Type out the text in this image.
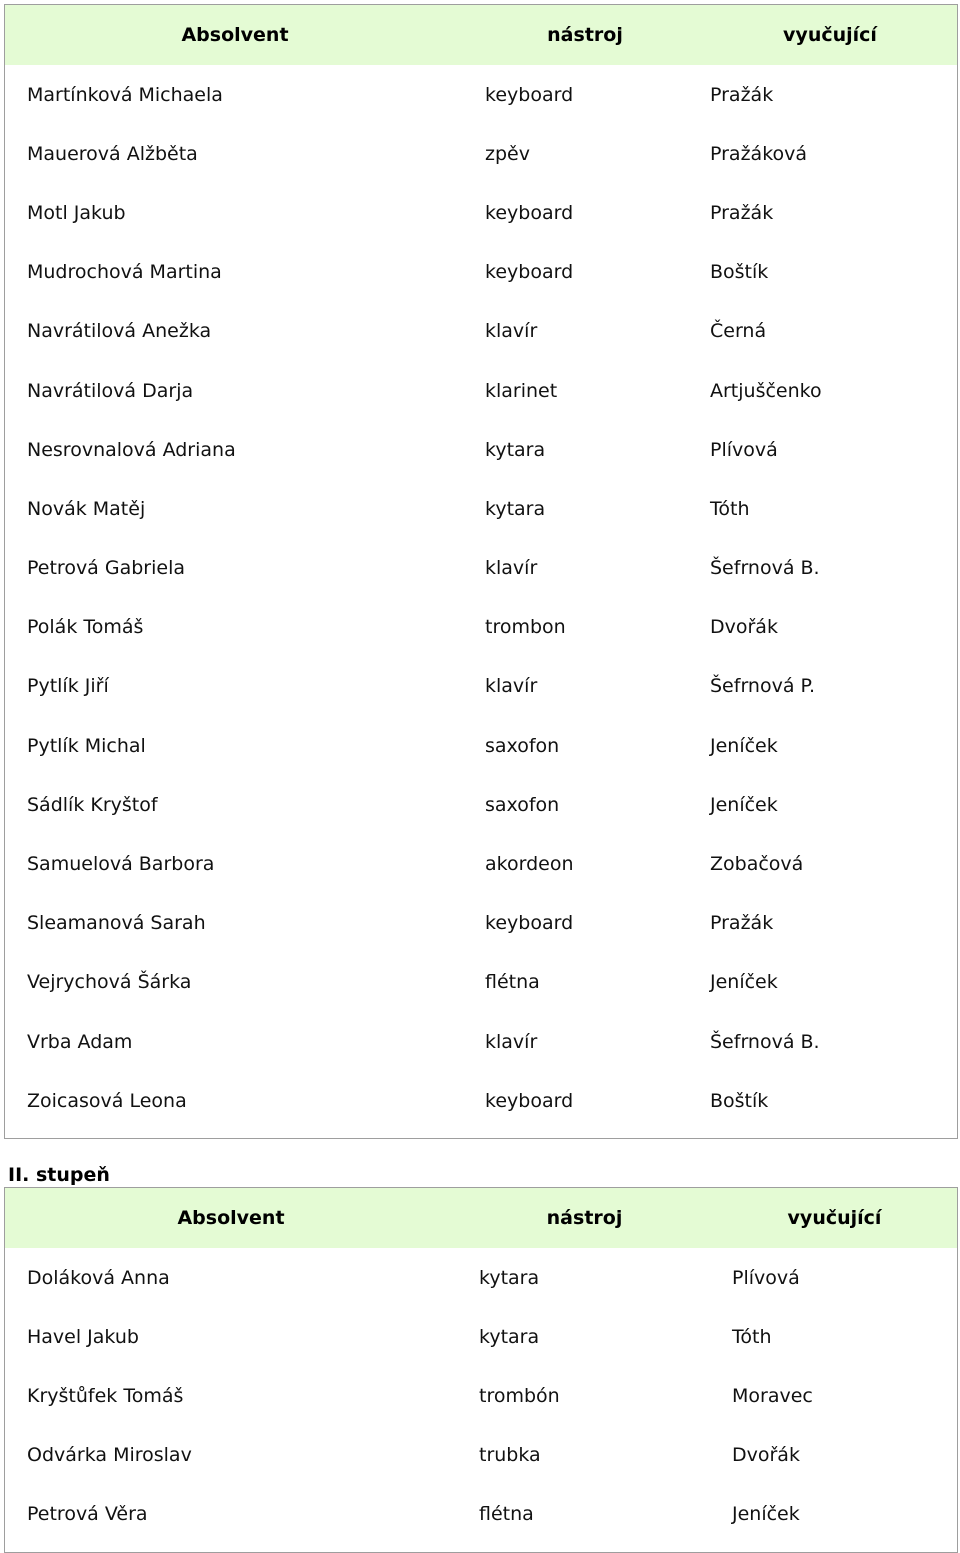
Absolvent	nástroj	vyučující
Martínková Michaela	keyboard	Pražák
Mauerová Alžběta	zpěv	Pražáková
Motl Jakub	keyboard	Pražák
Mudrochová Martina	keyboard	Boštík
Navrátilová Anežka	klavír	Černá
Navrátilová Darja	klarinet	Artjuščenko
Nesrovnalová Adriana	kytara	Plívová
Novák Matěj	kytara	Tóth
Petrová Gabriela	klavír	Šefrnová B.
Polák Tomáš	trombon	Dvořák
Pytlík Jiří	klavír	Šefrnová P.
Pytlík Michal	saxofon	Jeníček
Sádlík Kryštof	saxofon	Jeníček
Samuelová Barbora	akordeon	Zobačová
Sleamanová Sarah	keyboard	Pražák
Vejrychová Šárka	flétna	Jeníček
Vrba Adam	klavír	Šefrnová B.
Zoicasová Leona	keyboard	Boštík
II. stupeň
Absolvent	nástroj	vyučující
Doláková Anna	kytara	Plívová
Havel Jakub	kytara	Tóth
Kryštůfek Tomáš	trombón	Moravec
Odvárka Miroslav	trubka	Dvořák
Petrová Věra	flétna	Jeníček
